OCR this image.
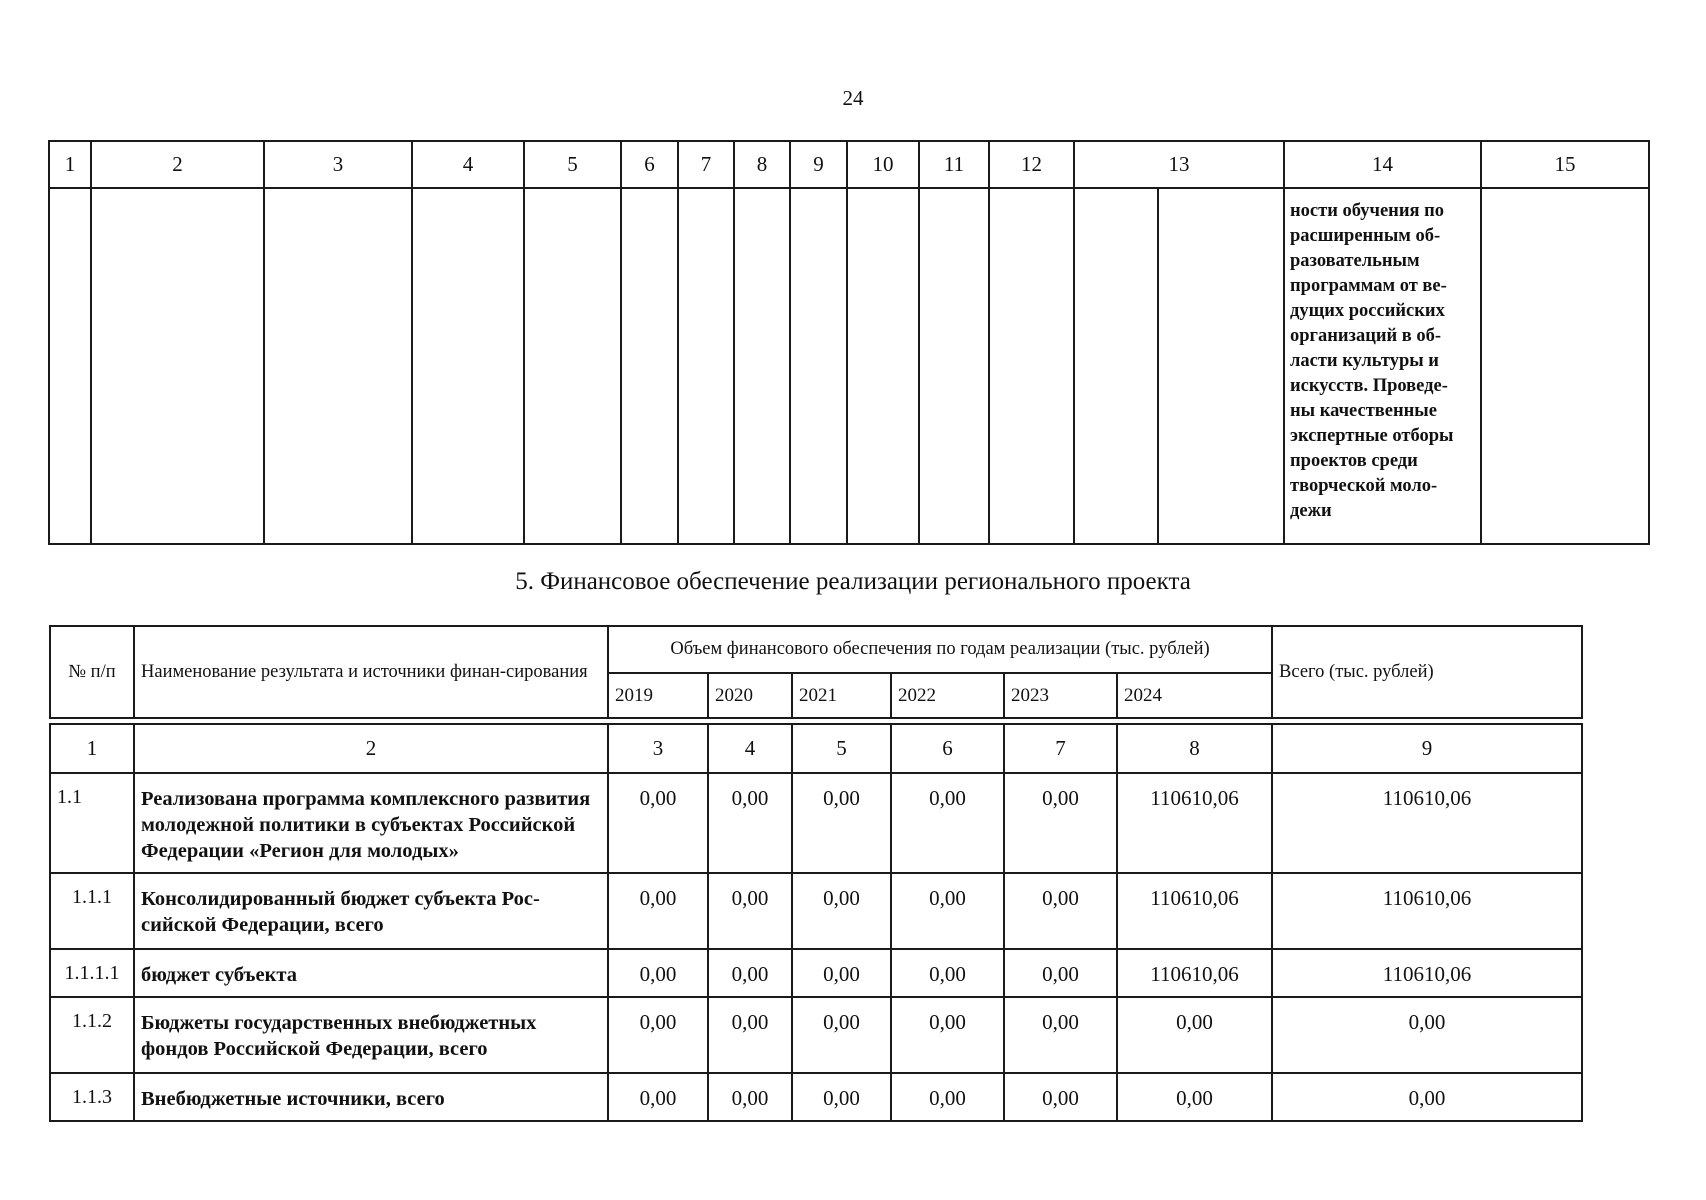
24
1	2	3	4	5	6	7	8	9	10	11	12	13		14	15
														ности обучения по расширенным об-разовательным программам от ве-дущих российских организаций в об-ласти культуры и искусств. Проведе-ны качественные экспертные отборы проектов среди творческой моло-дежи	
5. Финансовое обеспечение реализации регионального проекта
№ п/п	Наименование результата и источники финан-сирования	Объем финансового обеспечения по годам реализации (тыс. рублей)						Всего (тыс. рублей)
		2019	2020	2021	2022	2023	2024	

1	2	3	4	5	6	7	8	9
1.1	Реализована программа комплексного развития молодежной политики в субъектах Российской Федерации «Регион для молодых»	0,00	0,00	0,00	0,00	0,00	110610,06	110610,06
1.1.1	Консолидированный бюджет субъекта Рос-сийской Федерации, всего	0,00	0,00	0,00	0,00	0,00	110610,06	110610,06
1.1.1.1	бюджет субъекта	0,00	0,00	0,00	0,00	0,00	110610,06	110610,06
1.1.2	Бюджеты государственных внебюджетных фондов Российской Федерации, всего	0,00	0,00	0,00	0,00	0,00	0,00	0,00
1.1.3	Внебюджетные источники, всего	0,00	0,00	0,00	0,00	0,00	0,00	0,00
